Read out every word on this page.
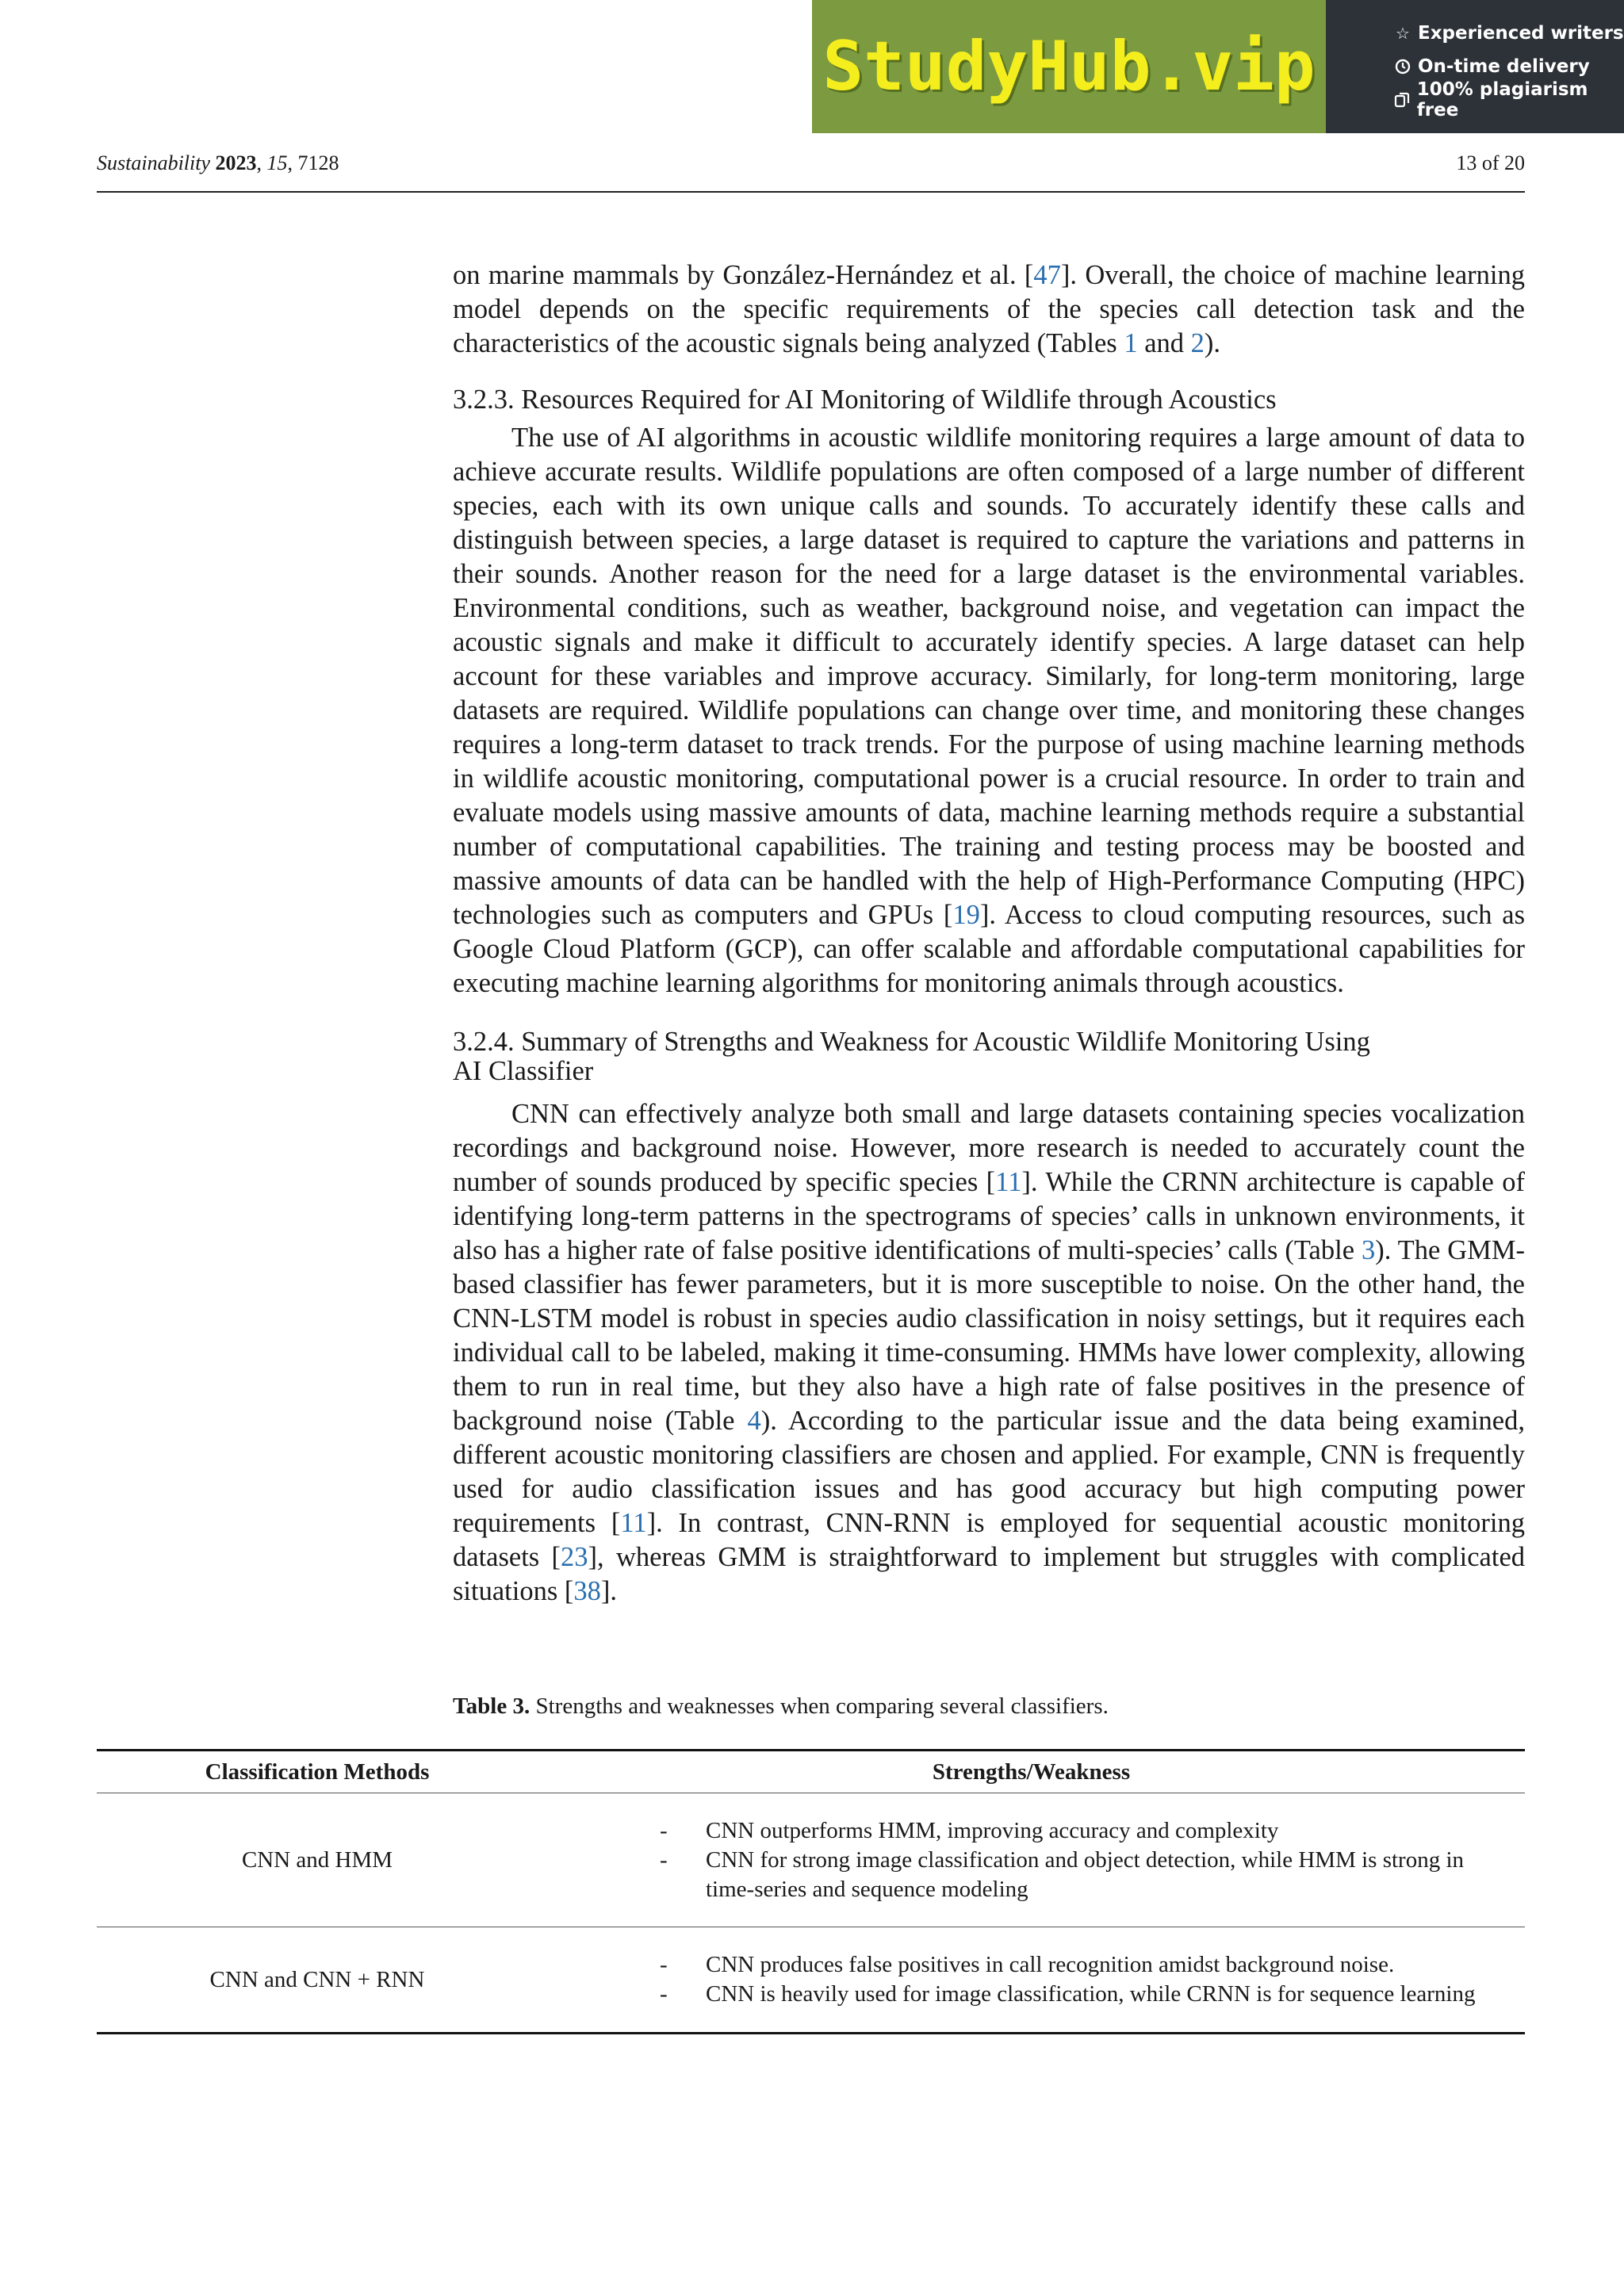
StudyHub.vip	☆ Experienced writers
On-time delivery
100% plagiarism free
Sustainability 2023, 15, 7128	13 of 20

on marine mammals by González-Hernández et al. [47]. Overall, the choice of machine learning model depends on the specific requirements of the species call detection task and the characteristics of the acoustic signals being analyzed (Tables 1 and 2).

3.2.3. Resources Required for AI Monitoring of Wildlife through Acoustics

The use of AI algorithms in acoustic wildlife monitoring requires a large amount of data to achieve accurate results. Wildlife populations are often composed of a large number of different species, each with its own unique calls and sounds. To accurately identify these calls and distinguish between species, a large dataset is required to capture the variations and patterns in their sounds. Another reason for the need for a large dataset is the environmental variables. Environmental conditions, such as weather, background noise, and vegetation can impact the acoustic signals and make it difficult to accurately identify species. A large dataset can help account for these variables and improve accuracy. Similarly, for long-term monitoring, large datasets are required. Wildlife populations can change over time, and monitoring these changes requires a long-term dataset to track trends. For the purpose of using machine learning methods in wildlife acoustic monitoring, computational power is a crucial resource. In order to train and evaluate models using massive amounts of data, machine learning methods require a substantial number of computational capabilities. The training and testing process may be boosted and massive amounts of data can be handled with the help of High-Performance Computing (HPC) technologies such as computers and GPUs [19]. Access to cloud computing resources, such as Google Cloud Platform (GCP), can offer scalable and affordable computational capabilities for executing machine learning algorithms for monitoring animals through acoustics.

3.2.4. Summary of Strengths and Weakness for Acoustic Wildlife Monitoring Using
AI Classifier

CNN can effectively analyze both small and large datasets containing species vocalization recordings and background noise. However, more research is needed to accurately count the number of sounds produced by specific species [11]. While the CRNN architecture is capable of identifying long-term patterns in the spectrograms of species’ calls in unknown environments, it also has a higher rate of false positive identifications of multi-species’ calls (Table 3). The GMM-based classifier has fewer parameters, but it is more susceptible to noise. On the other hand, the CNN-LSTM model is robust in species audio classification in noisy settings, but it requires each individual call to be labeled, making it time-consuming. HMMs have lower complexity, allowing them to run in real time, but they also have a high rate of false positives in the presence of background noise (Table 4). According to the particular issue and the data being examined, different acoustic monitoring classifiers are chosen and applied. For example, CNN is frequently used for audio classification issues and has good accuracy but high computing power requirements [11]. In contrast, CNN-RNN is employed for sequential acoustic monitoring datasets [23], whereas GMM is straightforward to implement but struggles with complicated situations [38].

Table 3. Strengths and weaknesses when comparing several classifiers.
Classification Methods	Strengths/Weakness
CNN and HMM	- CNN outperforms HMM, improving accuracy and complexity
- CNN for strong image classification and object detection, while HMM is strong in time-series and sequence modeling

CNN and CNN + RNN	- CNN produces false positives in call recognition amidst background noise.
- CNN is heavily used for image classification, while CRNN is for sequence learning
